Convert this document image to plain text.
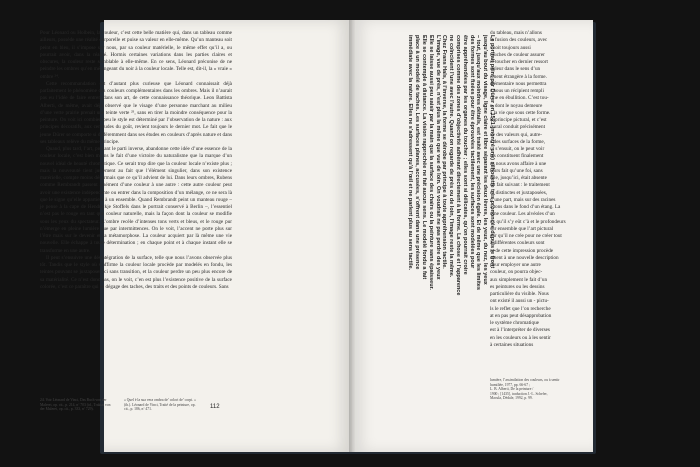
Pour Léonard ou Holbein, la couleur, c’est cette belle matière qui, dans un tableau comme ailleurs, possède une réalité corporelle et puise sa valeur en elle-même. Qu’un manteau soit peint en bleu, il s’impose sur nous, par sa couleur matérielle, le même effet qu’il a, ou pourrait avoir, dans la réalité. Hormis certaines variations dans les parties claires et obscures, la couleur reste semblable à elle-même. En ce sens, Léonard préconise de ne peindre les ombres qu’en mélangeant du noir à la couleur locale. Telle est, dit-il, la « vraie » ombre ²⁴.

Cette recommandation est d’autant plus curieuse que Léonard connaissait déjà parfaitement le phénomène des couleurs complémentaires dans les ombres. Mais il n’aurait pas eu l’idée de faire entrer, dans son art, de cette connaissance théorique. Leon Battista Alberti, de même, avait déjà observé que le visage d’une personne marchant au milieu d’une verte prairie prenait une teinte verte ²⁵, sans en tirer la moindre conséquence pour la peinture. On voit ici combien peu le style est déterminé par l’observation de la nature : aux principes décoratifs, aux certitudes du goût, revient toujours le dernier mot. Le fait que le jeune Dürer se comporte si différemment dans ses études en couleurs d’après nature et dans ses tableaux relève du même principe.

Quand, plus tard, l’art, prenant le parti inverse, abandonne cette idée d’une essence de la couleur locale, c’est bien moins le fait d’une victoire du naturalisme que la marque d’un nouvel idéal de beauté chromatique. Ce serait trop dire que la couleur locale n’existe plus ; mais la nouveauté tient justement au fait que l’élément singulier, dans son existence matérielle, compte moins désormais que ce qu’il advient de lui. Dans leurs ombres, Rubens comme Rembrandt passent aisément d’une couleur à une autre : cette autre couleur peut avoir une existence indépendante ou entrer dans la composition d’un mélange, ce ne sera là que le signe qu’elle appartient à un ensemble. Quand Rembrandt peint un manteau rouge – je pense à la cape de Hendrickje Stoffels dans le portrait conservé à Berlin –, l’essentiel n’est pas le rouge en tant que couleur naturelle, mais la façon dont la couleur se modifie sous les yeux du spectateur. L’ombre recèle d’intenses tons verts et bleus, et le rouge pur n’émerge en pleine lumière que par intermittences. On le voit, l’accent ne porte plus sur l’être mais sur le devenir et la métamorphose. La couleur acquiert par là même une vie nouvelle. Elle échappe à toute détermination ; en chaque point et à chaque instant elle se transforme en une autre.

Il peut s’ensuivre une désintégration de la surface, telle que nous l’avons observée plus tôt. Tandis que le style où s’affirme la couleur locale procède par modelés en fondu, les teintes pouvant se juxtaposer ici sans transition, et la couleur perdre un peu plus encore de sa matérialité. Ce n’est donc pas, on le voit, c’en est plus l’existence positive de la surface colorée, c’est ce paraître qui se dégage des taches, des traits et des points de couleurs. Sans

24. Voir Léonard de Vinci, Das Buch von der Malerei, op. cit., p. 214, nº 703 (id., Traktat von der Malerei, op. cit., p. 333, nº 729).
« Quel è la sua vera ombra de’ colori de’ corpi. » (ib.). Léonard de Vinci, Traité de la peinture, op. cit., p. 186, nº 471.	112

Le portrait peint par Dürer en 1521 (montré une) silhouette très prononcée depuis le front

jusqu’au bout du visage, ligne claire et libre séparant les deux lèvres, les yeux, du nez, les yeux

– tout, jusqu’aux moindres détails, est traité avec une précision égale. Et de même que les limites

des formes sont fixées pour être éprouvées tactilement, les surfaces sont modelées pour

être appréhendées par les organes du toucher ; elles sont si délicates, qu’on pourrait croire

comprises comme des zones d’objectivité adhérant directement à la forme. La chose et l’apparence

ne coïncident l’une avec l’autre. Quand on regarde de près ou de loin, l’image reste la même.

Chez Frans Hals, à l’inverse, la forme se dérobe par principe à toute appréhension tactile.

L’image, vue de près, n’est plus la même que vue de loin. On voudrait ne pas perdre des yeux

Elle se laisse aussi peu saisir par la main que la surface des chairs ou la peinture sans épaisseur.

Elle se contemple à distance. La vision rapprochée ne fait aucun sens. Le modelé fondu a fait

place à un modelé de taches. Les surfaces planes, accusées, s’offrent dans une présence

immédiate avec la nature. Elles ne s’adressent qu’à l’œil et ne parlent plus au sens tactile.

du tableau, mais n’allons
la fusion des couleurs, avec
s soit toujours aussi
touches de couleur assurer
et toucher en dernier ressort
ouleur dans le sens d’un
ement étrangère à la forme.
élémentaire nous permettra
s nous un récipient rempli
rme en ébullition. C’est tou-
e, dont le noyau demeure
à la vie que sous cette forme.
le principe pictural, et c’est
ctural conduit précisément
ue des valeurs qui, autre-
e des surfaces de la forme,
ut s’ensuit, on le peut voir
les constituent finalement
ns nous avons affaire à une
leurs fait qu’une foi, sans
ible, jusqu’ici, était absente
du fait suivant : le traitement
es distinctes et juxtaposées,
d’une part, mais sur des racines
à tons dans le fond d’un étang. La
ume couleur. Les alvéoles d’un
ux qu’il s’y eût c’à et le profondeurs
sur ensemble que l’art pictural
eur qu’il ne crée pour ne créer tout
à différentes couleurs sont
nt de cette impression procède
ement à une nouvelle description
pour employer une autre
couleur, on pourra objec-
aux simplement le fait d’un
es peintures ou les dessins
particulière du visible. Nous
ont existé il aussi un - pictu-
ls le reflet que l’on recherche
at en pas peut désapprobation
le système chromatique
est à l’interpréter de diverses
en les couleurs ou à les sentir
à certaines situations
lumière, l’assimilation des couleurs, ou à sentir
humiliée, 1977, pp. 66-67 ;
L. B. Alberti, De la peinture /
1900 ; [1435], traduction J.-L. Schefer,
Macula, Dédale, 1992, p. 99.
